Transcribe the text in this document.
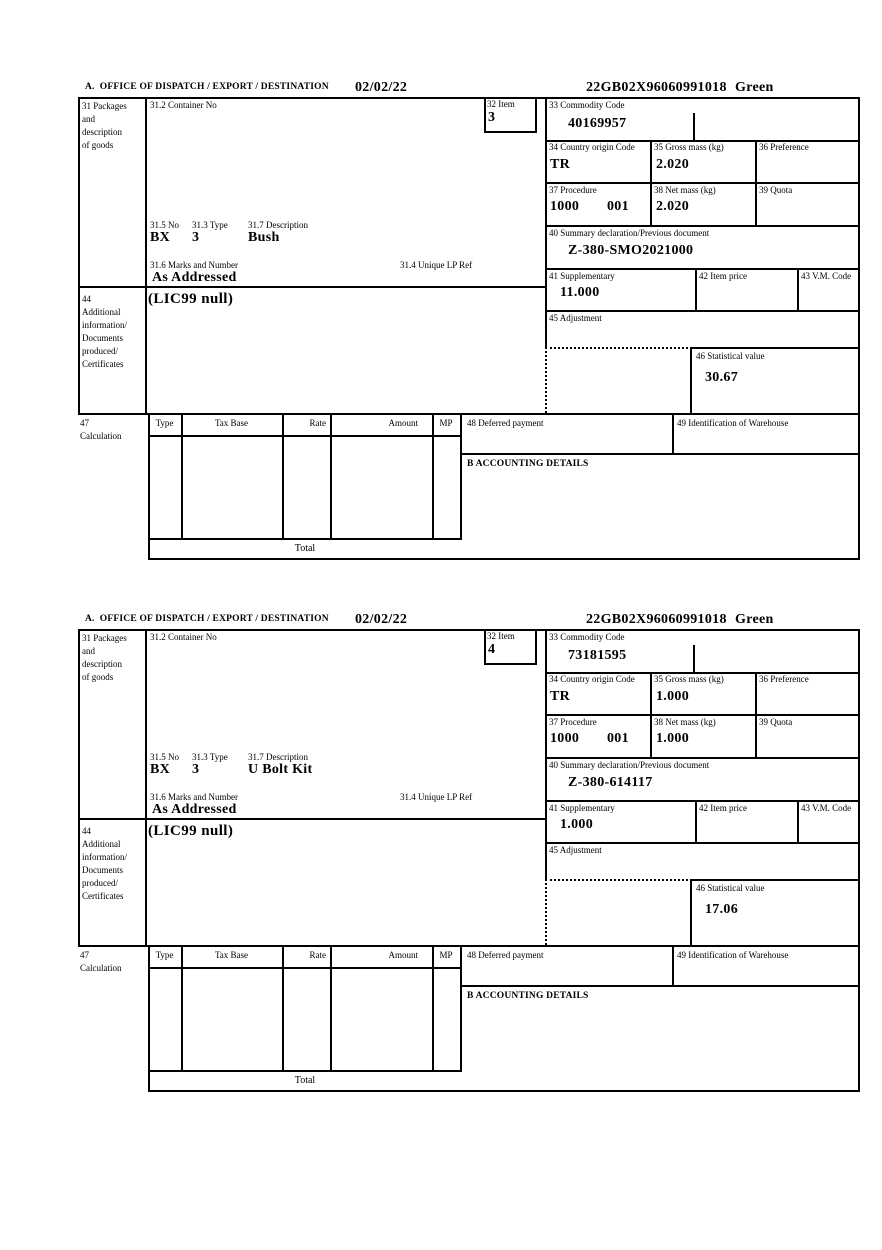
A.  OFFICE OF DISPATCH / EXPORT / DESTINATION 02/02/22	22GB02X96060991018 Green
31 Packages
and
description
of goods
31.2 Container No	32 Item
3
33 Commodity Code
40169957
34 Country origin Code
TR
35 Gross mass (kg)
2.020
36 Preference
37 Procedure
1000 001
38 Net mass (kg)
2.020
39 Quota
31.5 No 31.3 Type 31.7 Description
BX 3	Bush
31.6 Marks and Number	31.4 Unique LP Ref
As Addressed
40 Summary declaration/Previous document
Z-380-SMO2021000
41 Supplementary
11.000
42 Item price	43 V.M. Code
44
Additional
information/
Documents
produced/
Certificates
(LIC99 null)
45 Adjustment
46 Statistical value
30.67
47
Calculation
Type	Tax Base	Rate	Amount	MP
Total
48 Deferred payment	49 Identification of Warehouse
B ACCOUNTING DETAILS
A.  OFFICE OF DISPATCH / EXPORT / DESTINATION 02/02/22	22GB02X96060991018 Green
31 Packages
and
description
of goods
31.2 Container No	32 Item
4
33 Commodity Code
73181595
34 Country origin Code
TR
35 Gross mass (kg)
1.000
36 Preference
37 Procedure
1000 001
38 Net mass (kg)
1.000
39 Quota
31.5 No 31.3 Type 31.7 Description
BX 3	U Bolt Kit
31.6 Marks and Number	31.4 Unique LP Ref
As Addressed
40 Summary declaration/Previous document
Z-380-614117
41 Supplementary
1.000
42 Item price	43 V.M. Code
44
Additional
information/
Documents
produced/
Certificates
(LIC99 null)
45 Adjustment
46 Statistical value
17.06
47
Calculation
Type	Tax Base	Rate	Amount	MP
Total
48 Deferred payment	49 Identification of Warehouse
B ACCOUNTING DETAILS
